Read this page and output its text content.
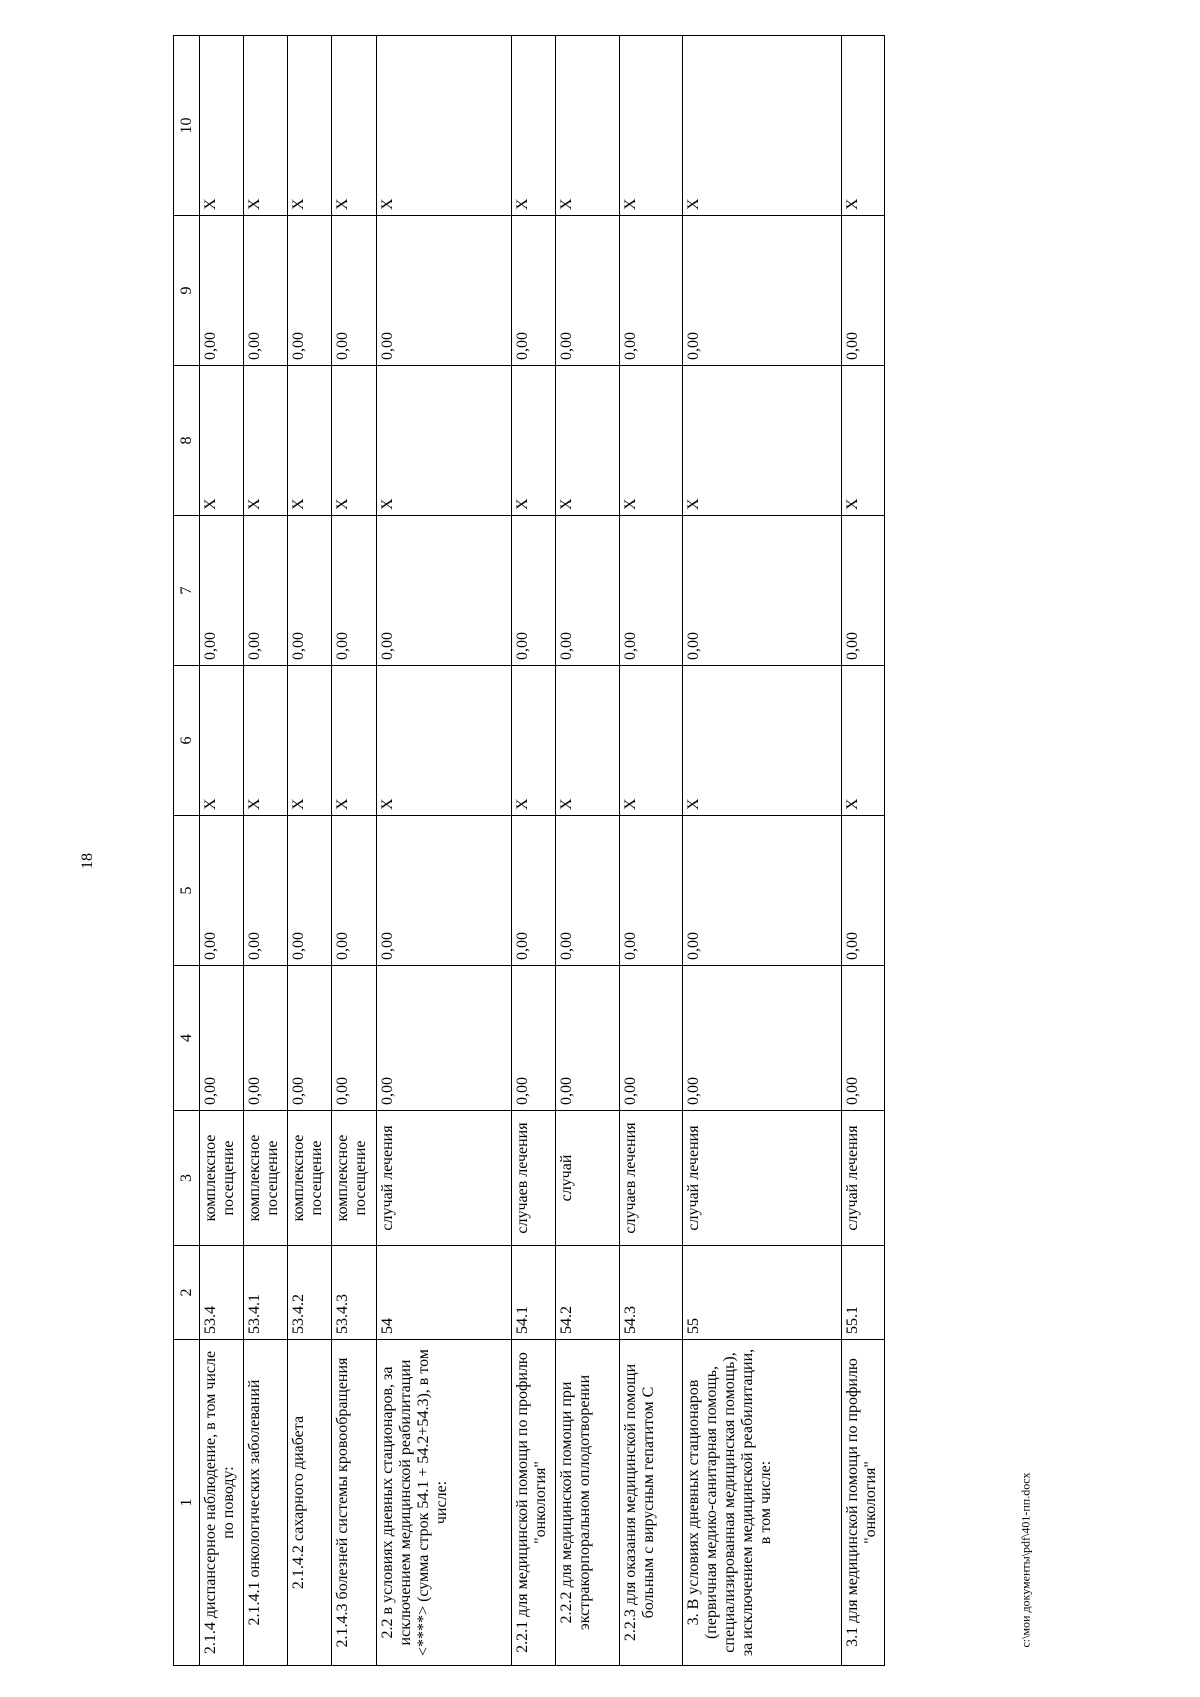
18
1	2	3	4	5	6	7	8	9	10
2.1.4 диспансерное наблюдение, в том числе по поводу:	53.4	комплексное посещение	0,00	0,00	X	0,00	X	0,00	X
2.1.4.1 онкологических заболеваний	53.4.1	комплексное посещение	0,00	0,00	X	0,00	X	0,00	X
2.1.4.2 сахарного диабета	53.4.2	комплексное посещение	0,00	0,00	X	0,00	X	0,00	X
2.1.4.3 болезней системы кровообращения	53.4.3	комплексное посещение	0,00	0,00	X	0,00	X	0,00	X
2.2 в условиях дневных стационаров, за исключением медицинской реабилитации <****> (сумма строк 54.1 + 54.2+54.3), в том числе:	54	случай лечения	0,00	0,00	X	0,00	X	0,00	X
2.2.1 для медицинской помощи по профилю "онкология"	54.1	случаев лечения	0,00	0,00	X	0,00	X	0,00	X
2.2.2 для медицинской помощи при экстракорпоральном оплодотворении	54.2	случай	0,00	0,00	X	0,00	X	0,00	X
2.2.3 для оказания медицинской помощи больным с вирусным гепатитом С	54.3	случаев лечения	0,00	0,00	X	0,00	X	0,00	X
3. В условиях дневных стационаров (первичная медико-санитарная помощь, специализированная медицинская помощь), за исключением медицинской реабилитации, в том числе:	55	случай лечения	0,00	0,00	X	0,00	X	0,00	X
3.1 для медицинской помощи по профилю "онкология"	55.1	случай лечения	0,00	0,00	X	0,00	X	0,00	X
c:\мои документы\pdf\401-пп.docx
